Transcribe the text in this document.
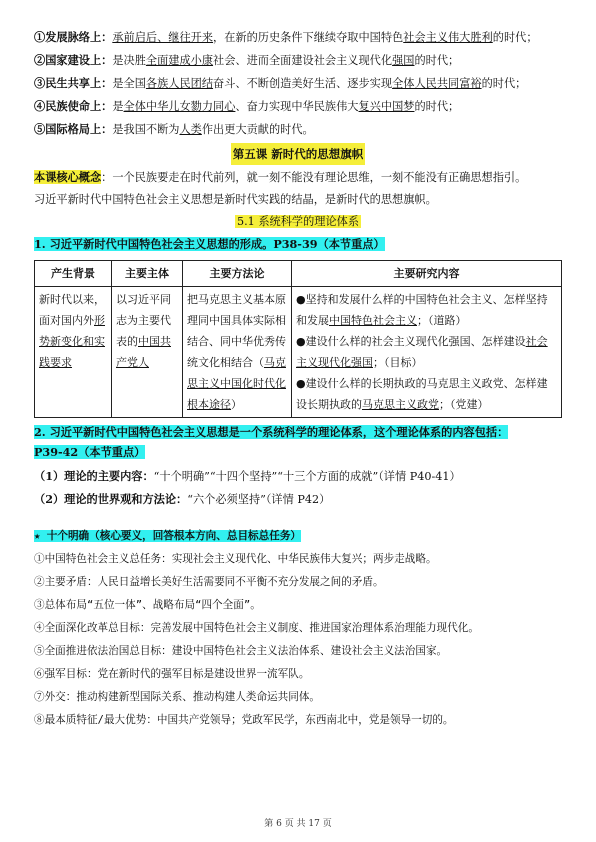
①发展脉络上：承前启后、继往开来，在新的历史条件下继续夺取中国特色社会主义伟大胜利的时代；
②国家建设上：是决胜全面建成小康社会、进而全面建设社会主义现代化强国的时代；
③民生共享上：是全国各族人民团结奋斗、不断创造美好生活、逐步实现全体人民共同富裕的时代；
④民族使命上：是全体中华儿女勠力同心、奋力实现中华民族伟大复兴中国梦的时代；
⑤国际格局上：是我国不断为人类作出更大贡献的时代。
第五课 新时代的思想旗帜
本课核心概念：一个民族要走在时代前列，就一刻不能没有理论思维，一刻不能没有正确思想指引。
习近平新时代中国特色社会主义思想是新时代实践的结晶，是新时代的思想旗帜。
5.1 系统科学的理论体系
1. 习近平新时代中国特色社会主义思想的形成。P38-39（本节重点）
产生背景	主要主体	主要方法论	主要研究内容
新时代以来，面对国内外形势新变化和实践要求	以习近平同志为主要代表的中国共产党人	把马克思主义基本原理同中国具体实际相结合、同中华优秀传统文化相结合（马克思主义中国化时代化根本途径）	●坚持和发展什么样的中国特色社会主义、怎样坚持和发展中国特色社会主义；（道路）
●建设什么样的社会主义现代化强国、怎样建设社会主义现代化强国；（目标）
●建设什么样的长期执政的马克思主义政党、怎样建设长期执政的马克思主义政党；（党建）
2. 习近平新时代中国特色社会主义思想是一个系统科学的理论体系，这个理论体系的内容包括：
P39-42（本节重点）
（1）理论的主要内容：“十个明确”“十四个坚持”“十三个方面的成就”（详情 P40-41）
（2）理论的世界观和方法论：“六个必须坚持”（详情 P42）
★ 十个明确（核心要义，回答根本方向、总目标总任务）
①中国特色社会主义总任务：实现社会主义现代化、中华民族伟大复兴；两步走战略。
②主要矛盾：人民日益增长美好生活需要同不平衡不充分发展之间的矛盾。
③总体布局“五位一体”、战略布局“四个全面”。
④全面深化改革总目标：完善发展中国特色社会主义制度、推进国家治理体系治理能力现代化。
⑤全面推进依法治国总目标：建设中国特色社会主义法治体系、建设社会主义法治国家。
⑥强军目标：党在新时代的强军目标是建设世界一流军队。
⑦外交：推动构建新型国际关系、推动构建人类命运共同体。
⑧最本质特征/最大优势：中国共产党领导；党政军民学，东西南北中，党是领导一切的。
第 6 页 共 17 页
